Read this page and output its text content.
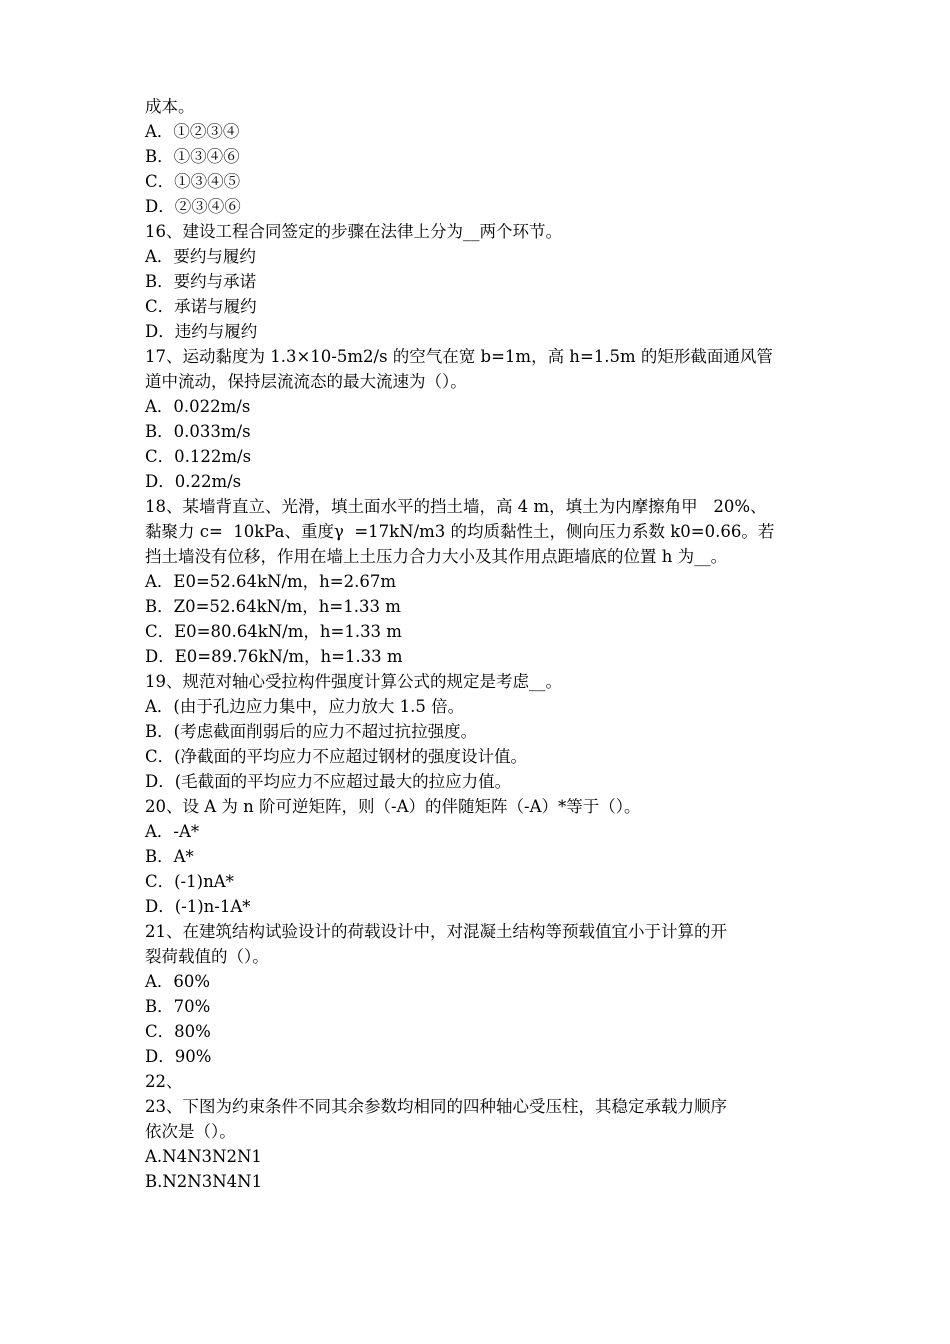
成本。
A．①②③④
B．①③④⑥
C．①③④⑤
D．②③④⑥
16、建设工程合同签定的步骤在法律上分为__两个环节。
A．要约与履约
B．要约与承诺
C．承诺与履约
D．违约与履约
17、运动黏度为 1.3×10-5m2/s 的空气在宽 b=1m，高 h=1.5m 的矩形截面通风管
道中流动，保持层流流态的最大流速为（）。
A．0.022m/s
B．0.033m/s
C．0.122m/s
D．0.22m/s
18、某墙背直立、光滑，填土面水平的挡土墙，高 4 m，填土为内摩擦角甲   20%、
黏聚力 c=  10kPa、重度γ  =17kN/m3 的均质黏性土，侧向压力系数 k0=0.66。若
挡土墙没有位移，作用在墙上土压力合力大小及其作用点距墙底的位置 h 为__。
A．E0=52.64kN/m，h=2.67m
B．Z0=52.64kN/m，h=1.33 m
C．E0=80.64kN/m，h=1.33 m
D．E0=89.76kN/m，h=1.33 m
19、规范对轴心受拉构件强度计算公式的规定是考虑__。
A．(由于孔边应力集中，应力放大 1.5 倍。
B．(考虑截面削弱后的应力不超过抗拉强度。
C．(净截面的平均应力不应超过钢材的强度设计值。
D．(毛截面的平均应力不应超过最大的拉应力值。
20、设 A 为 n 阶可逆矩阵，则（-A）的伴随矩阵（-A）*等于（）。
A．-A*
B．A*
C．(-1)nA*
D．(-1)n-1A*
21、在建筑结构试验设计的荷载设计中，对混凝土结构等预载值宜小于计算的开
裂荷载值的（）。
A．60%
B．70%
C．80%
D．90%
22、
23、下图为约束条件不同其余参数均相同的四种轴心受压柱，其稳定承载力顺序
依次是（）。
A.N4N3N2N1
B.N2N3N4N1
